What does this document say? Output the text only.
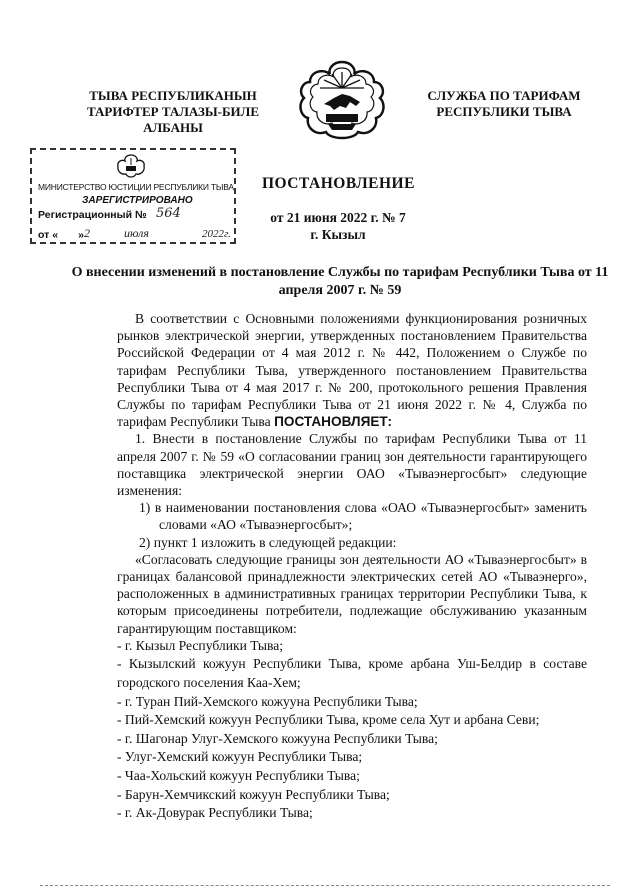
ТЫВА РЕСПУБЛИКАНЫН
ТАРИФТЕР ТАЛАЗЫ-БИЛЕ
АЛБАНЫ
СЛУЖБА ПО ТАРИФАМ
РЕСПУБЛИКИ ТЫВА
МИНИСТЕРСТВО ЮСТИЦИИ РЕСПУБЛИКИ ТЫВА
ЗАРЕГИСТРИРОВАНО
Регистрационный № 564
от « » 2	июля	2022г.
ПОСТАНОВЛЕНИЕ
от 21 июня 2022 г. № 7
г. Кызыл
О внесении изменений в постановление Службы по тарифам Республики Тыва от 11 апреля 2007 г. № 59

В соответствии с Основными положениями функционирования розничных рынков электрической энергии, утвержденных постановлением Правительства Российской Федерации от 4 мая 2012 г. № 442, Положением о Службе по тарифам Республики Тыва, утвержденного постановлением Правительства Республики Тыва от 4 мая 2017 г. № 200, протокольного решения Правления Службы по тарифам Республики Тыва от 21 июня 2022 г. № 4, Служба по тарифам Республики Тыва ПОСТАНОВЛЯЕТ:

1. Внести в постановление Службы по тарифам Республики Тыва от 11 апреля 2007 г. № 59 «О согласовании границ зон деятельности гарантирующего поставщика электрической энергии ОАО «Тываэнергосбыт» следующие изменения:

1) в наименовании постановления слова «ОАО «Тываэнергосбыт» заменить словами «АО «Тываэнергосбыт»;

2) пункт 1 изложить в следующей редакции:

«Согласовать следующие границы зон деятельности АО «Тываэнергосбыт» в границах балансовой принадлежности электрических сетей АО «Тываэнерго», расположенных в административных границах территории Республики Тыва, к которым присоединены потребители, подлежащие обслуживанию указанным гарантирующим поставщиком:

- г. Кызыл Республики Тыва;

- Кызылский кожуун Республики Тыва, кроме арбана Уш-Белдир в составе городского поселения Каа-Хем;

- г. Туран Пий-Хемского кожууна Республики Тыва;

- Пий-Хемский кожуун Республики Тыва, кроме села Хут и арбана Севи;

- г. Шагонар Улуг-Хемского кожууна Республики Тыва;

- Улуг-Хемский кожуун Республики Тыва;

- Чаа-Хольский кожуун Республики Тыва;

- Барун-Хемчикский кожуун Республики Тыва;

- г. Ак-Довурак Республики Тыва;
